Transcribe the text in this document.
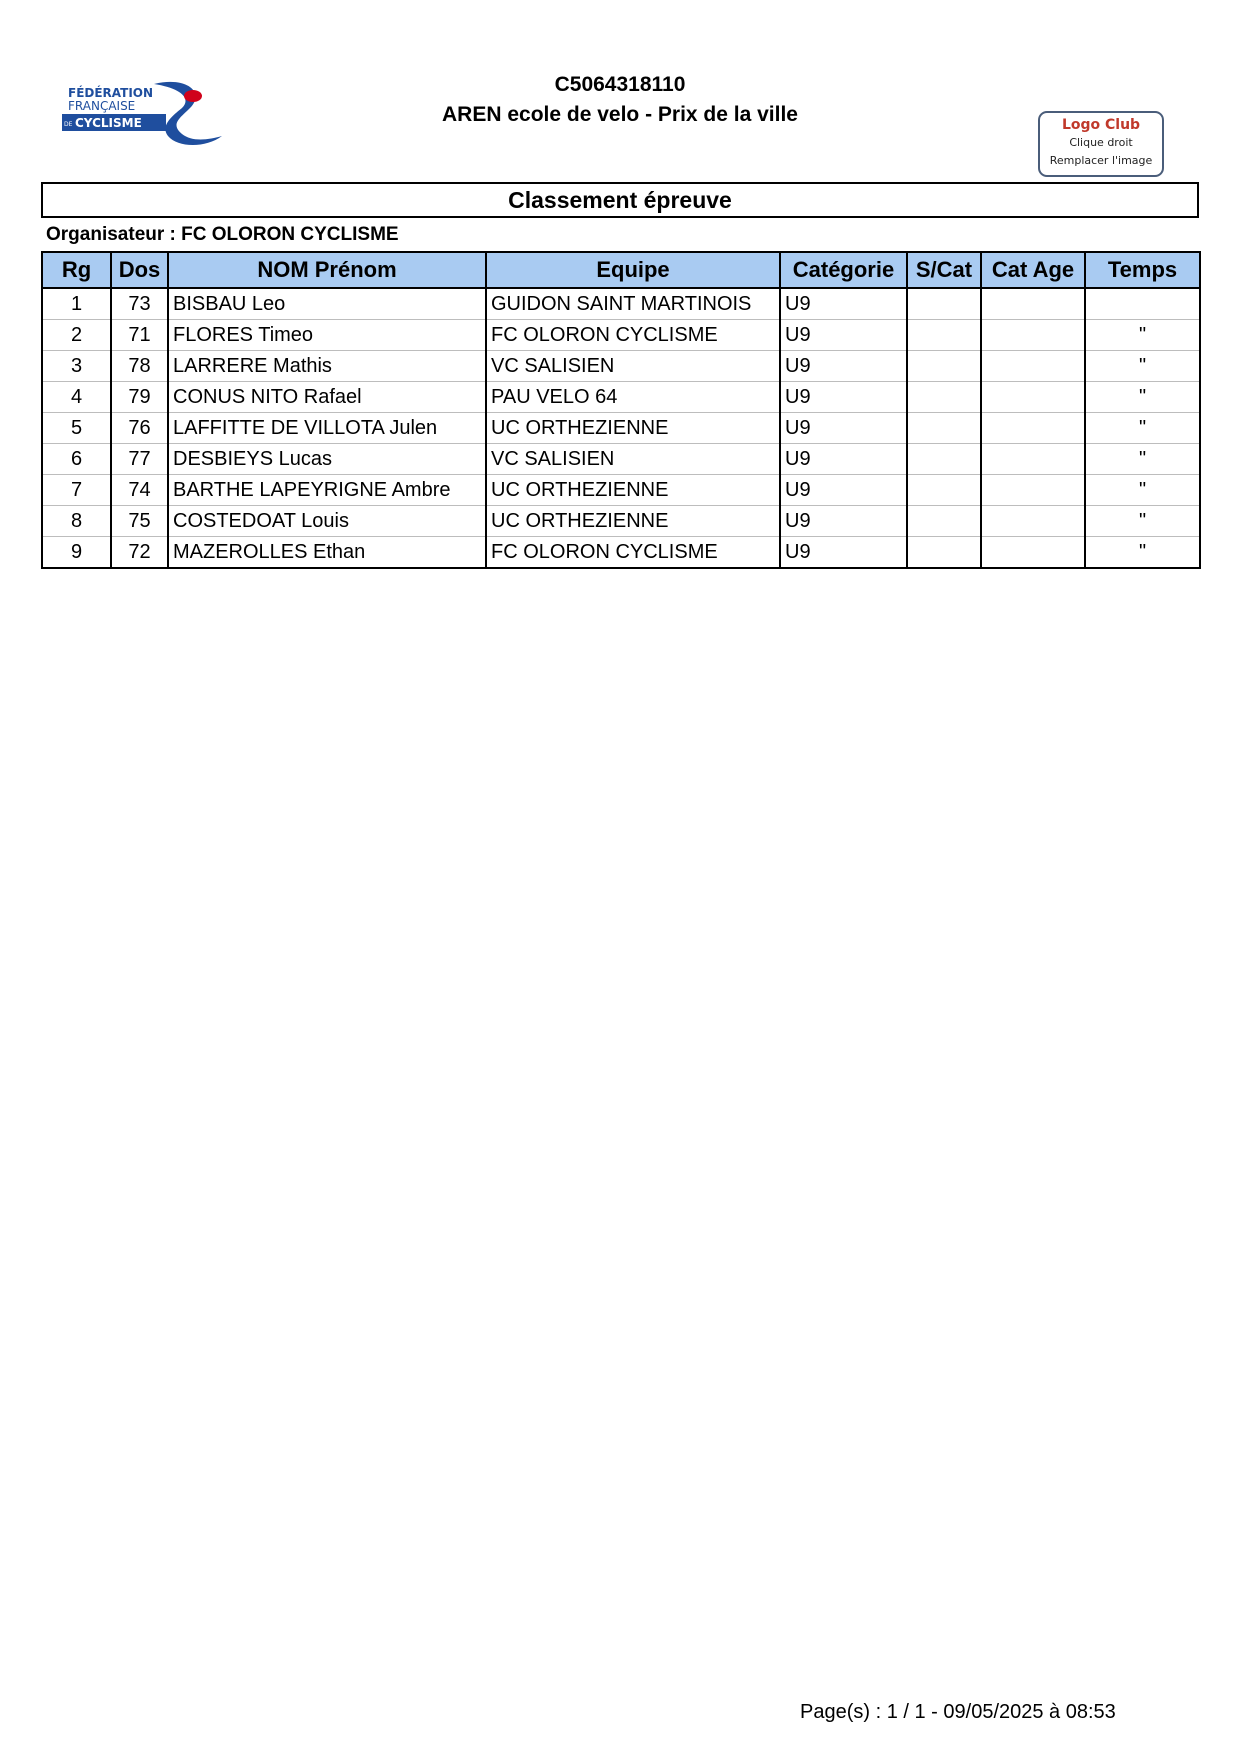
FÉDÉRATION
FRANÇAISE
DE CYCLISME
C5064318110
AREN ecole de velo - Prix de la ville	Logo Club
Clique droit
Remplacer l'image
Classement épreuve
Organisateur : FC OLORON CYCLISME
Rg	Dos	NOM Prénom	Equipe	Catégorie	S/Cat	Cat Age	Temps
1	73	BISBAU Leo	GUIDON SAINT MARTINOIS	U9			
2	71	FLORES Timeo	FC OLORON CYCLISME	U9			"
3	78	LARRERE Mathis	VC SALISIEN	U9			"
4	79	CONUS NITO Rafael	PAU VELO 64	U9			"
5	76	LAFFITTE DE VILLOTA Julen	UC ORTHEZIENNE	U9			"
6	77	DESBIEYS Lucas	VC SALISIEN	U9			"
7	74	BARTHE LAPEYRIGNE Ambre	UC ORTHEZIENNE	U9			"
8	75	COSTEDOAT Louis	UC ORTHEZIENNE	U9			"
9	72	MAZEROLLES Ethan	FC OLORON CYCLISME	U9			"
Page(s) : 1 / 1 - 09/05/2025 à 08:53
